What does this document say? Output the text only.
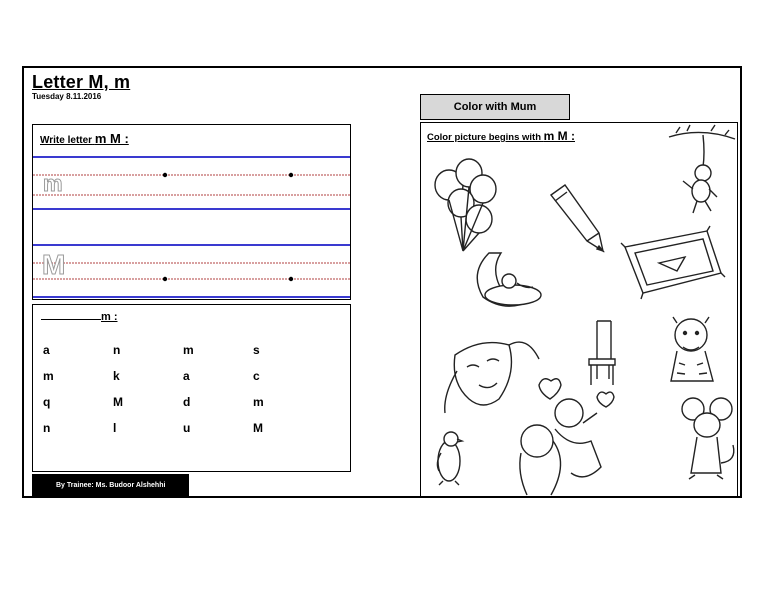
Letter M, m
Tuesday 8.11.2016
Color with Mum
Write letter m M :
m
M
m :
a	n	m	s
m	k	a	c
q	M	d	m
n	l	u	M
By Trainee: Ms. Budoor Alshehhi
Color picture begins with m M :
